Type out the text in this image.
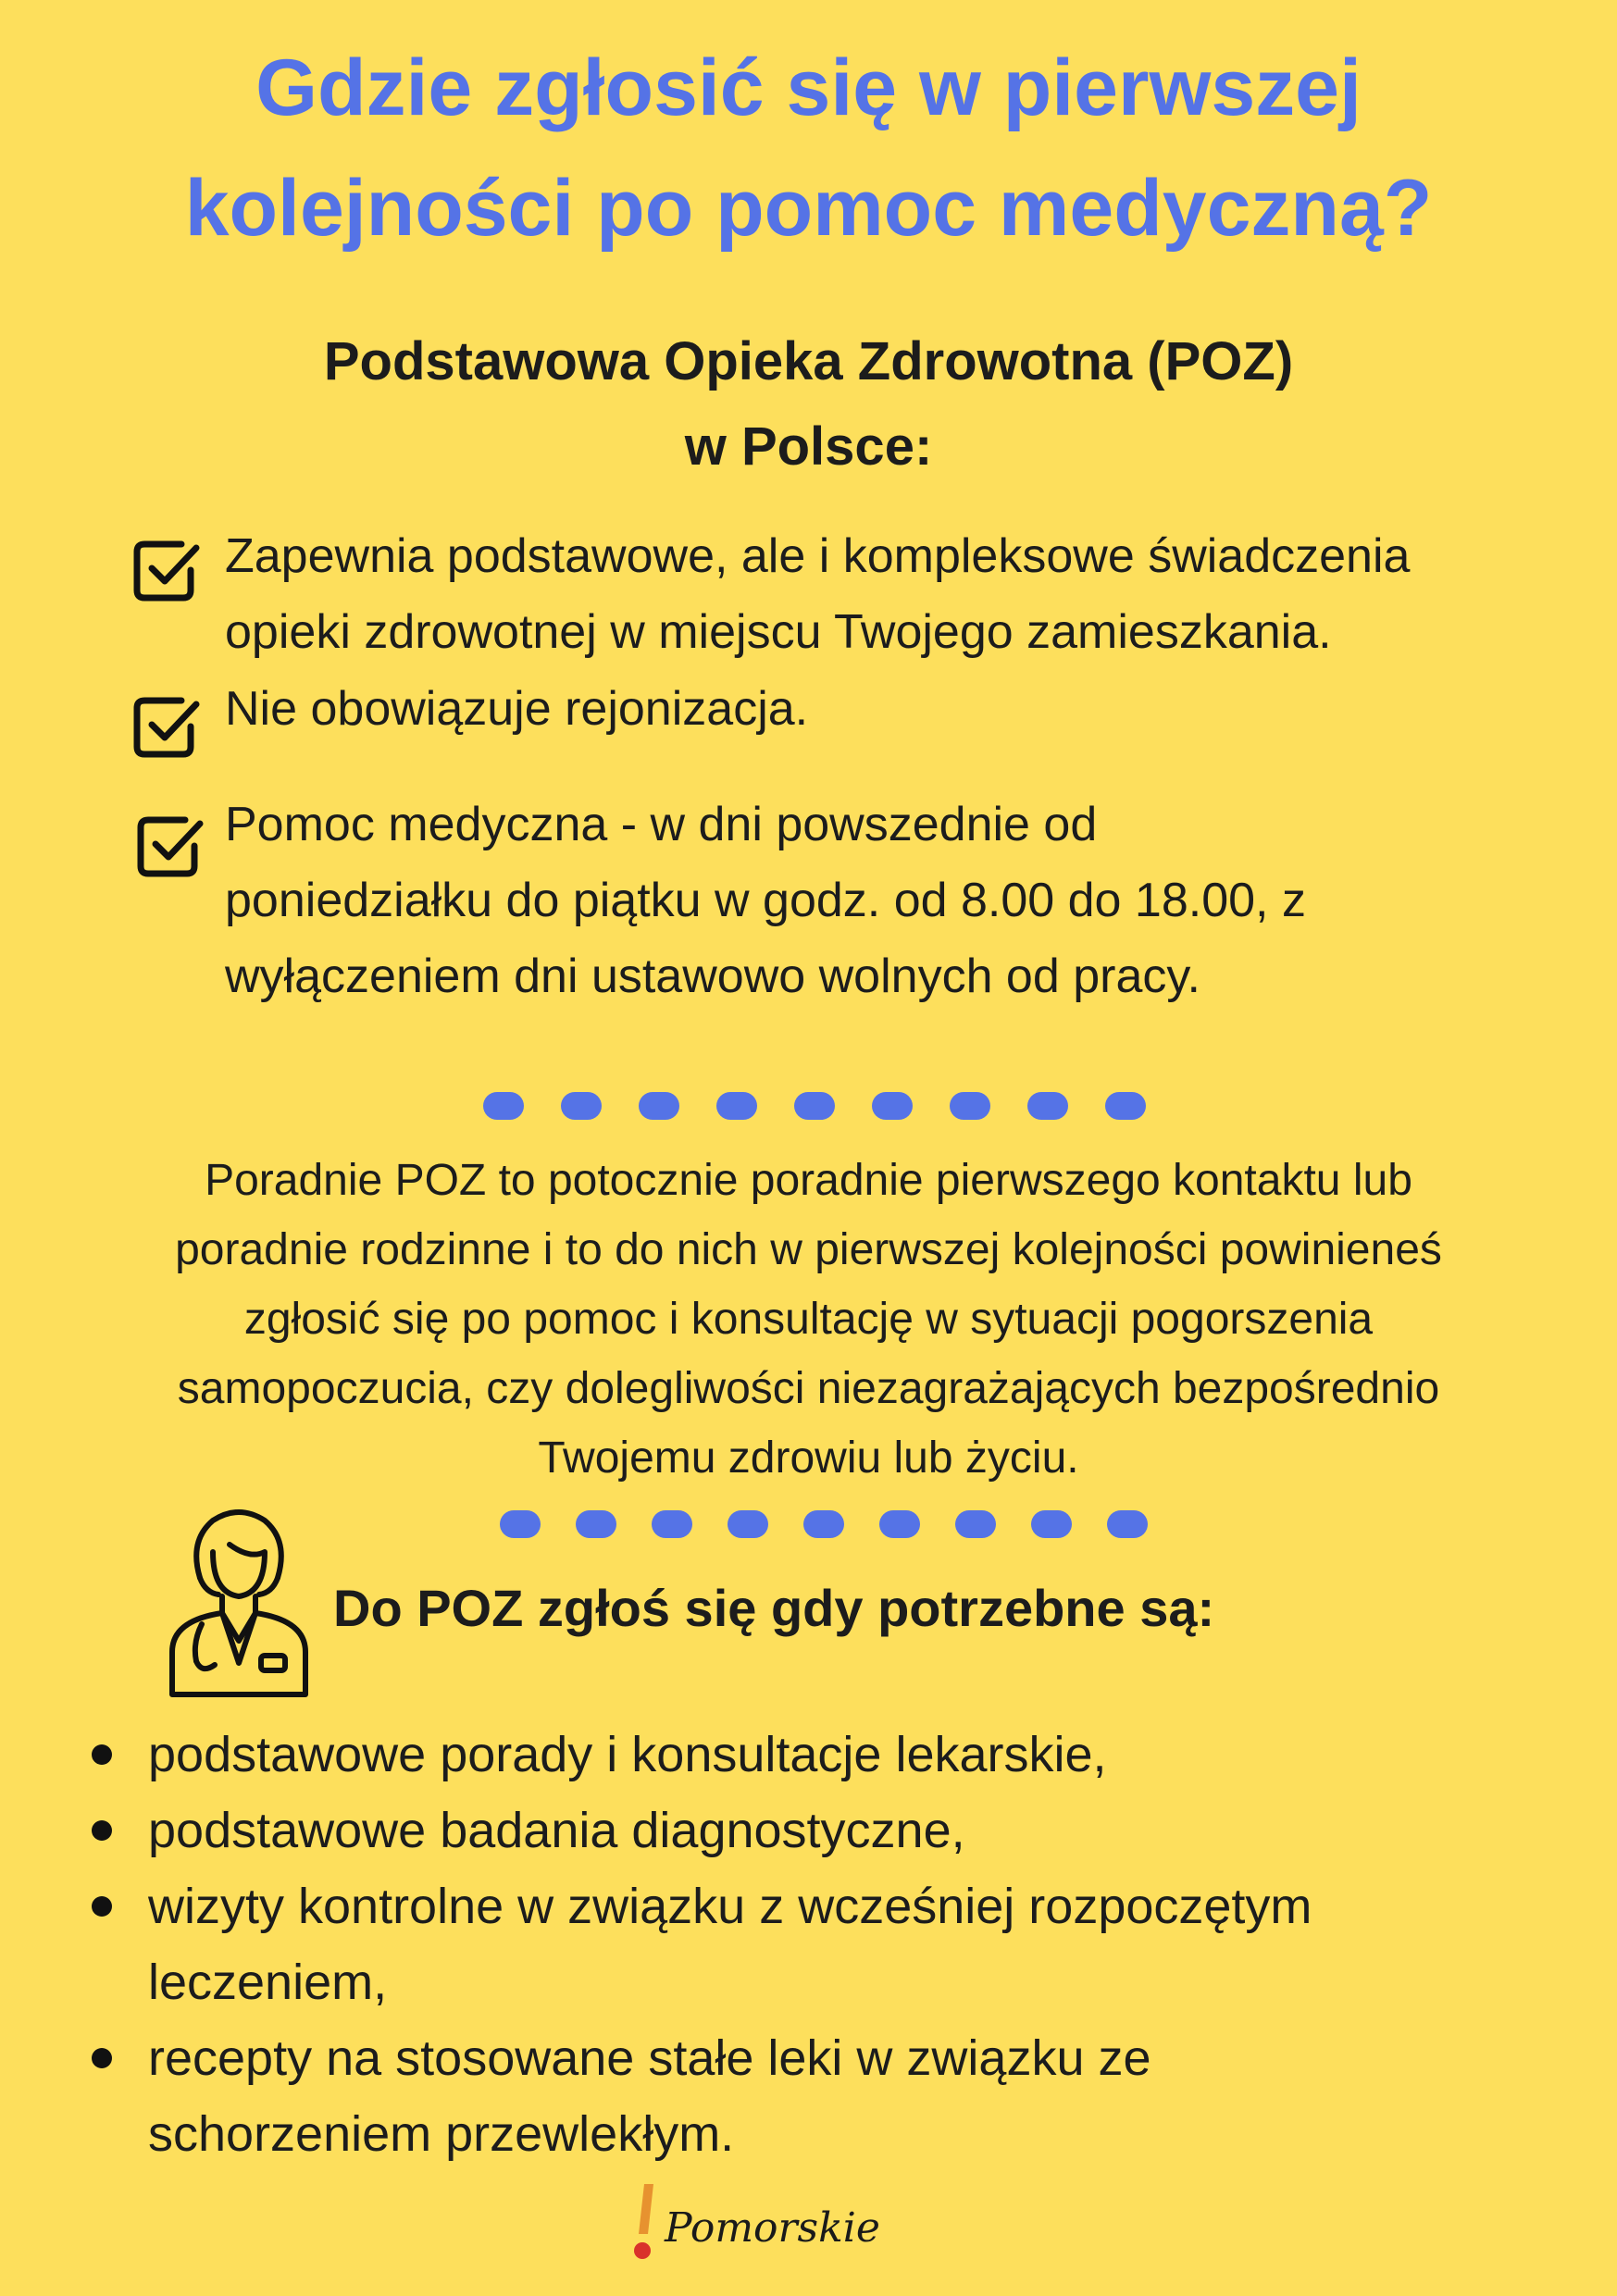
Gdzie zgłosić się w pierwszej
kolejności po pomoc medyczną?
Podstawowa Opieka Zdrowotna (POZ)
w Polsce:
Zapewnia podstawowe, ale i kompleksowe świadczenia
opieki zdrowotnej w miejscu Twojego zamieszkania.
Nie obowiązuje rejonizacja.
Pomoc medyczna - w dni powszednie od
poniedziałku do piątku w godz. od 8.00 do 18.00, z
wyłączeniem dni ustawowo wolnych od pracy.
Poradnie POZ to potocznie poradnie pierwszego kontaktu lub
poradnie rodzinne i to do nich w pierwszej kolejności powinieneś
zgłosić się po pomoc i konsultację w sytuacji pogorszenia
samopoczucia, czy dolegliwości niezagrażających bezpośrednio
Twojemu zdrowiu lub życiu.
Do POZ zgłoś się gdy potrzebne są:
podstawowe porady i konsultacje lekarskie,
podstawowe badania diagnostyczne,
wizyty kontrolne w związku z wcześniej rozpoczętym
leczeniem,
recepty na stosowane stałe leki w związku ze
schorzeniem przewlekłym.
Pomorskie
